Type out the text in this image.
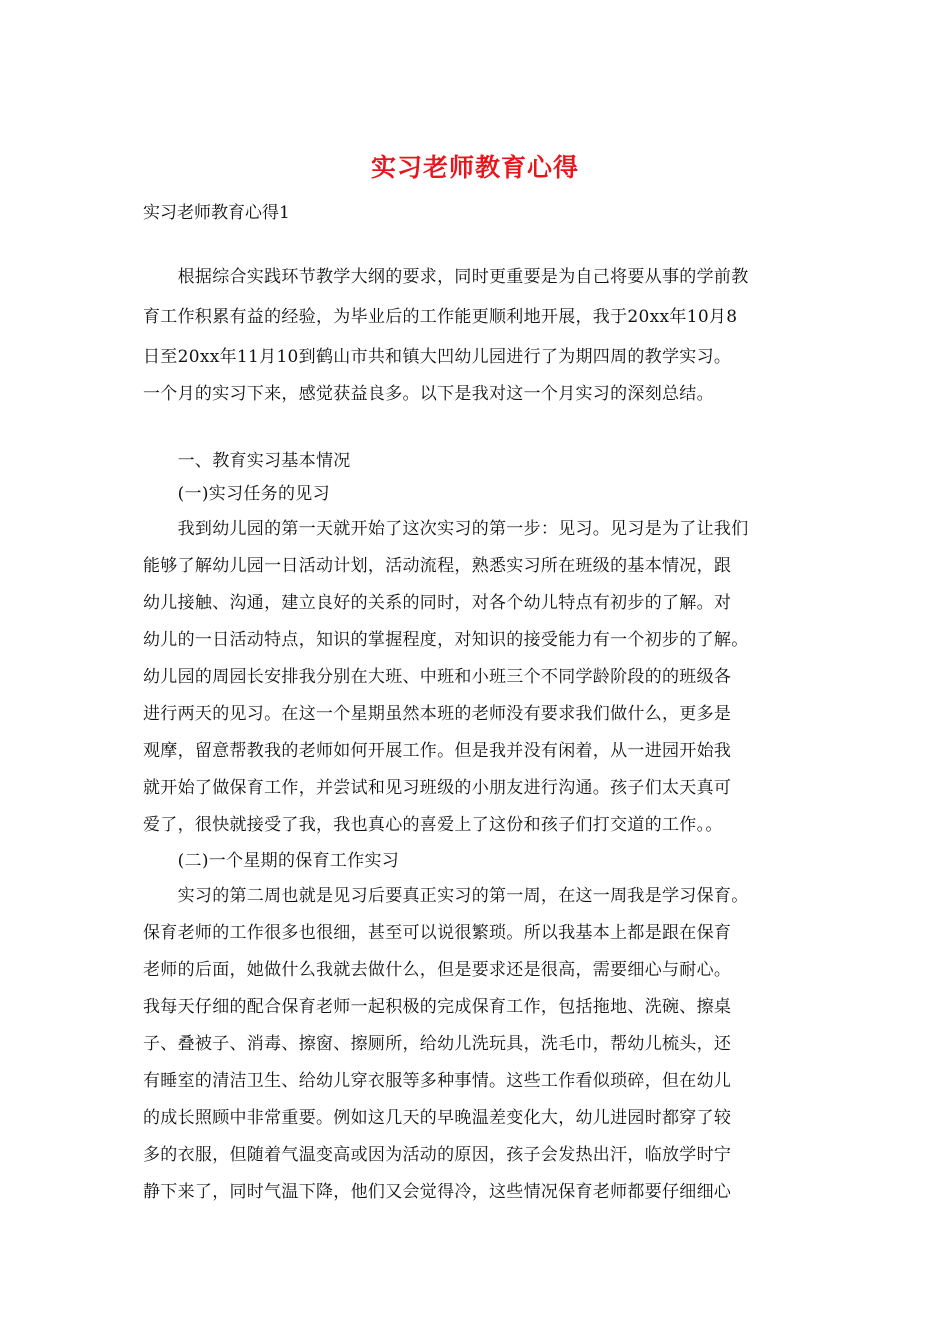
实习老师教育心得
实习老师教育心得1
　　根据综合实践环节教学大纲的要求，同时更重要是为自己将要从事的学前教
育工作积累有益的经验，为毕业后的工作能更顺利地开展，我于20xx年10月8
日至20xx年11月10到鹤山市共和镇大凹幼儿园进行了为期四周的教学实习。
一个月的实习下来，感觉获益良多。以下是我对这一个月实习的深刻总结。
　　一、教育实习基本情况
　　(一)实习任务的见习
　　我到幼儿园的第一天就开始了这次实习的第一步：见习。见习是为了让我们
能够了解幼儿园一日活动计划，活动流程，熟悉实习所在班级的基本情况，跟
幼儿接触、沟通，建立良好的关系的同时，对各个幼儿特点有初步的了解。对
幼儿的一日活动特点，知识的掌握程度，对知识的接受能力有一个初步的了解。
幼儿园的周园长安排我分别在大班、中班和小班三个不同学龄阶段的的班级各
进行两天的见习。在这一个星期虽然本班的老师没有要求我们做什么，更多是
观摩，留意帮教我的老师如何开展工作。但是我并没有闲着，从一进园开始我
就开始了做保育工作，并尝试和见习班级的小朋友进行沟通。孩子们太天真可
爱了，很快就接受了我，我也真心的喜爱上了这份和孩子们打交道的工作。。
　　(二)一个星期的保育工作实习
　　实习的第二周也就是见习后要真正实习的第一周，在这一周我是学习保育。
保育老师的工作很多也很细，甚至可以说很繁琐。所以我基本上都是跟在保育
老师的后面，她做什么我就去做什么，但是要求还是很高，需要细心与耐心。
我每天仔细的配合保育老师一起积极的完成保育工作，包括拖地、洗碗、擦桌
子、叠被子、消毒、擦窗、擦厕所，给幼儿洗玩具，洗毛巾，帮幼儿梳头，还
有睡室的清洁卫生、给幼儿穿衣服等多种事情。这些工作看似琐碎，但在幼儿
的成长照顾中非常重要。例如这几天的早晚温差变化大，幼儿进园时都穿了较
多的衣服，但随着气温变高或因为活动的原因，孩子会发热出汗，临放学时宁
静下来了，同时气温下降，他们又会觉得冷，这些情况保育老师都要仔细细心
